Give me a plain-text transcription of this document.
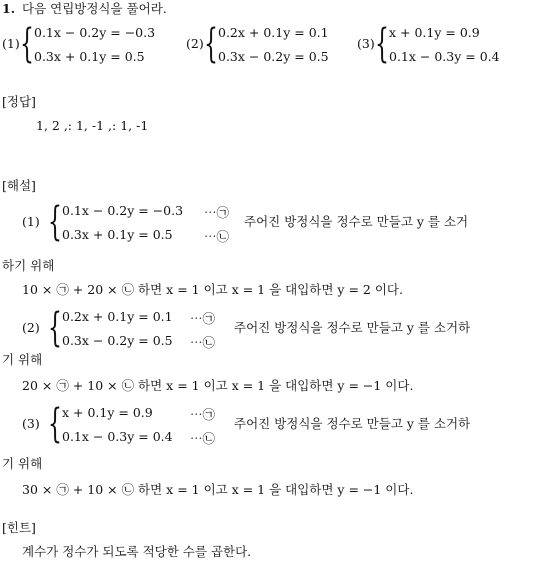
1. 다음 연립방정식을 풀어라.
(1) { 0.1x − 0.2y = −0.3
0.3x + 0.1y = 0.5
(2) { 0.2x + 0.1y = 0.1
0.3x − 0.2y = 0.5
(3) { x + 0.1y = 0.9
0.1x − 0.3y = 0.4
[정답]
1, 2 ,: 1, -1 ,: 1, -1
[해설]
(1) { 0.1x − 0.2y = −0.3
0.3x + 0.1y = 0.5
⋯㉠
⋯㉡
주어진 방정식을 정수로 만들고 y 를 소거
하기 위해
10 × ㉠ + 20 × ㉡ 하면 x = 1 이고 x = 1 을 대입하면 y = 2 이다.
(2) { 0.2x + 0.1y = 0.1
0.3x − 0.2y = 0.5
⋯㉠
⋯㉡
주어진 방정식을 정수로 만들고 y 를 소거하
기 위해
20 × ㉠ + 10 × ㉡ 하면 x = 1 이고 x = 1 을 대입하면 y = −1 이다.
(3) { x + 0.1y = 0.9
0.1x − 0.3y = 0.4
⋯㉠
⋯㉡
주어진 방정식을 정수로 만들고 y 를 소거하
기 위해
30 × ㉠ + 10 × ㉡ 하면 x = 1 이고 x = 1 을 대입하면 y = −1 이다.
[힌트]
계수가 정수가 되도록 적당한 수를 곱한다.
